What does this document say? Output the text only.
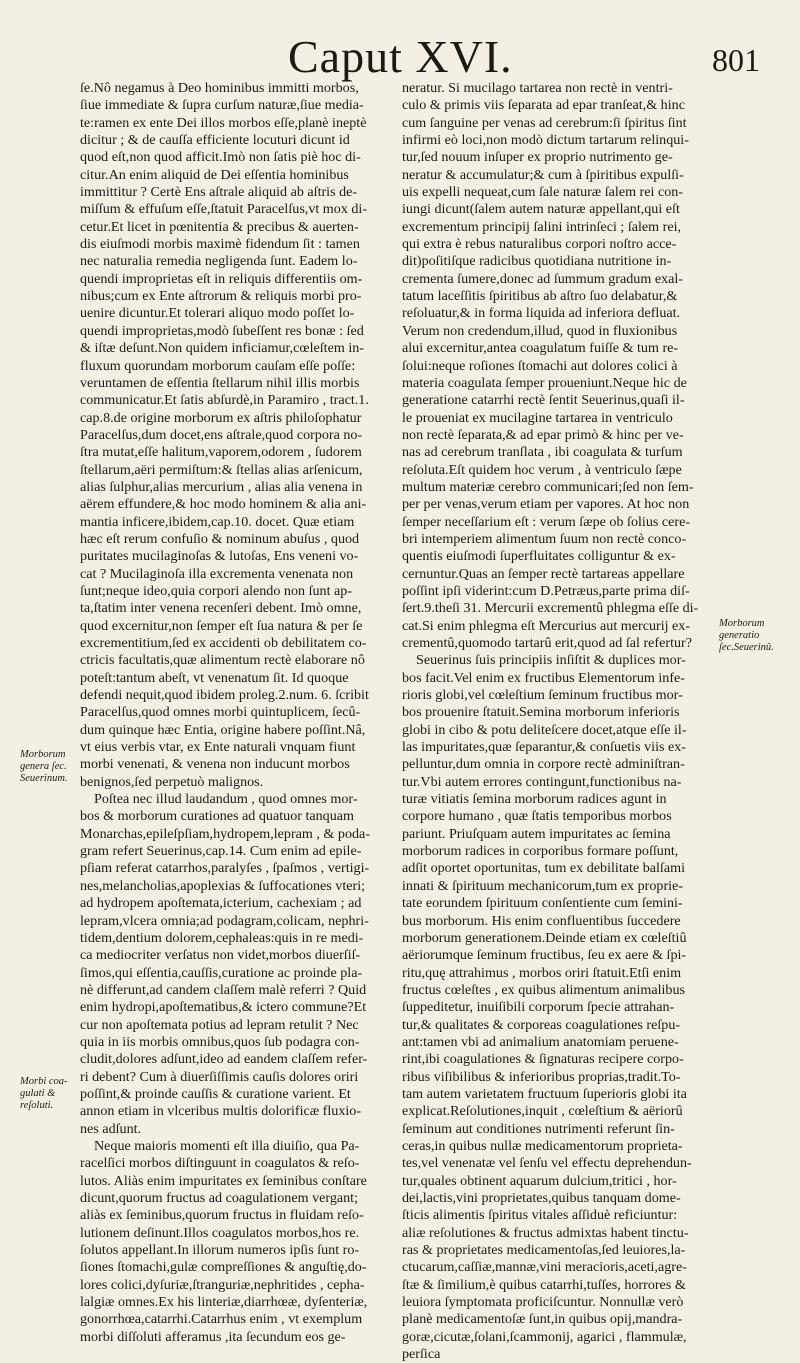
Caput XVI.	801
ſe.Nô negamus à Deo hominibus immitti morbos,
ſiue immediate & ſupra curſum naturæ,ſiue media-
te:ramen ex ente Dei illos morbos eſſe,planè ineptè
dicitur ; & de cauſſa efficiente locuturi dicunt id
quod eſt,non quod afficit.Imò non ſatis piè hoc di-
citur.An enim aliquid de Dei eſſentia hominibus
immittitur ? Certè Ens aſtrale aliquid ab aſtris de-
miſſum & effuſum eſſe,ſtatuit Paracelſus,vt mox di-
cetur.Et licet in pœnitentia & precibus & auerten-
dis eiuſmodi morbis maximè fidendum ſit : tamen
nec naturalia remedia negligenda ſunt. Eadem lo-
quendi improprietas eſt in reliquis differentiis om-
nibus;cum ex Ente aſtrorum & reliquis morbi pro-
uenire dicuntur.Et tolerari aliquo modo poſſet lo-
quendi improprietas,modò ſubeſſent res bonæ : ſed
& iſtæ deſunt.Non quidem inficiamur,cœleſtem in-
fluxum quorundam morborum cauſam eſſe poſſe:
veruntamen de eſſentia ſtellarum nihil illis morbis
communicatur.Et ſatis abſurdè,in Paramiro , tract.1.
cap.8.de origine morborum ex aſtris philoſophatur
Paracelſus,dum docet,ens aſtrale,quod corpora no-
ſtra mutat,eſſe halitum,vaporem,odorem , ſudorem
ſtellarum,aëri permiſtum:& ſtellas alias arſenicum,
alias ſulphur,alias mercurium , alias alia venena in
aërem effundere,& hoc modo hominem & alia ani-
mantia inficere,ibidem,cap.10. docet. Quæ etiam
hæc eſt rerum confuſio & nominum abuſus , quod
puritates mucilaginoſas & lutoſas, Ens veneni vo-
cat ? Mucilaginoſa illa excrementa venenata non
ſunt;neque ideo,quia corpori alendo non ſunt ap-
ta,ſtatim inter venena recenſeri debent. Imò omne,
quod excernitur,non ſemper eſt ſua natura & per ſe
excrementitium,ſed ex accidenti ob debilitatem co-
ctricis facultatis,quæ alimentum rectè elaborare nô
poteſt:tantum abeſt, vt venenatum ſit. Id quoque
defendi nequit,quod ibidem proleg.2.num. 6. ſcribit
Paracelſus,quod omnes morbi quintuplicem, ſecû-
dum quinque hæc Entia, origine habere poſſint.Nâ,
vt eius verbis vtar, ex Ente naturali vnquam fiunt
morbi venenati, & venena non inducunt morbos
benignos,ſed perpetuò malignos.
Poſtea nec illud laudandum , quod omnes mor-
bos & morborum curationes ad quatuor tanquam
Monarchas,epileſpſiam,hydropem,lepram , & poda-
gram refert Seuerinus,cap.14. Cum enim ad epile-
pſiam referat catarrhos,paralyſes , ſpaſmos , vertigi-
nes,melancholias,apoplexias & ſuffocationes vteri;
ad hydropem apoſtemata,icterium, cachexiam ; ad
lepram,vlcera omnia;ad podagram,colicam, nephri-
tidem,dentium dolorem,cephaleas:quis in re medi-
ca mediocriter verſatus non videt,morbos diuerſiſ-
ſimos,qui eſſentia,cauſſis,curatione ac proinde pla-
nè differunt,ad candem claſſem malè referri ? Quid
enim hydropi,apoſtematibus,& ictero commune?Et
cur non apoſtemata potius ad lepram retulit ? Nec
quia in iis morbis omnibus,quos ſub podagra con-
cludit,dolores adſunt,ideo ad eandem claſſem refer-
ri debent? Cum à diuerſiſſimis cauſis dolores oriri
poſſint,& proinde cauſſis & curatione varient. Et
annon etiam in vlceribus multis dolorificæ fluxio-
nes adſunt.
Neque maioris momenti eſt illa diuiſio, qua Pa-
racelſici morbos diſtinguunt in coagulatos & reſo-
lutos. Aliàs enim impuritates ex ſeminibus conſtare
dicunt,quorum fructus ad coagulationem vergant;
aliàs ex ſeminibus,quorum fructus in fluidam reſo-
lutionem deſinunt.Illos coagulatos morbos,hos re.
ſolutos appellant.In illorum numeros ipſis ſunt ro-
ſiones ſtomachi,gulæ compreſſiones & anguſtię,do-
lores colici,dyſuriæ,ſtranguriæ,nephritides , cepha-
lalgiæ omnes.Ex his linteriæ,diarrhœæ, dyſenteriæ,
gonorrhœa,catarrhi.Catarrhus enim , vt exemplum
morbi diſſoluti afferamus ,ita ſecundum eos ge-
neratur. Si mucilago tartarea non rectè in ventri-
culo & primis viis ſeparata ad epar tranſeat,& hinc
cum ſanguine per venas ad cerebrum:ſi ſpiritus ſint
infirmi eò loci,non modò dictum tartarum relinqui-
tur,ſed nouum inſuper ex proprio nutrimento ge-
neratur & accumulatur;& cum à ſpiritibus expulſi-
uis expelli nequeat,cum ſale naturæ ſalem rei con-
iungi dicunt(ſalem autem naturæ appellant,qui eſt
excrementum principij ſalini intrinſeci ; ſalem rei,
qui extra è rebus naturalibus corpori noſtro acce-
dit)poſitiſque radicibus quotidiana nutritione in-
crementa ſumere,donec ad ſummum gradum exal-
tatum laceſſitis ſpiritibus ab aſtro ſuo delabatur,&
reſoluatur,& in forma liquida ad inferiora defluat.
Verum non credendum,illud, quod in fluxionibus
alui excernitur,antea coagulatum fuiſſe & tum re-
ſolui:neque roſiones ſtomachi aut dolores colici à
materia coagulata ſemper proueniunt.Neque hic de
generatione catarrhi rectè ſentit Seuerinus,quaſi il-
le proueniat ex mucilagine tartarea in ventriculo
non rectè ſeparata,& ad epar primò & hinc per ve-
nas ad cerebrum tranſlata , ibi coagulata & turſum
reſoluta.Eſt quidem hoc verum , à ventriculo ſæpe
multum materiæ cerebro communicari;ſed non ſem-
per per venas,verum etiam per vapores. At hoc non
ſemper neceſſarium eſt : verum ſæpe ob ſolius cere-
bri intemperiem alimentum ſuum non rectè conco-
quentis eiuſmodi ſuperfluitates colliguntur & ex-
cernuntur.Quas an ſemper rectè tartareas appellare
poſſint ipſi viderint:cum D.Petræus,parte prima diſ-
ſert.9.theſi 31. Mercurii excrementû phlegma eſſe di-
cat.Si enim phlegma eſt Mercurius aut mercurij ex-
crementû,quomodo tartarû erit,quod ad ſal refertur?
Seuerinus ſuis principiis inſiſtit & duplices mor-
bos facit.Vel enim ex fructibus Elementorum infe-
rioris globi,vel cœleſtium ſeminum fructibus mor-
bos prouenire ſtatuit.Semina morborum inferioris
globi in cibo & potu deliteſcere docet,atque eſſe il-
las impuritates,quæ ſeparantur,& conſuetis viis ex-
pelluntur,dum omnia in corpore rectè adminiſtran-
tur.Vbi autem errores contingunt,functionibus na-
turæ vitiatis ſemina morborum radices agunt in
corpore humano , quæ ſtatis temporibus morbos
pariunt. Priuſquam autem impuritates ac ſemina
morborum radices in corporibus formare poſſunt,
adſit oportet oportunitas, tum ex debilitate balſami
innati & ſpirituum mechanicorum,tum ex proprie-
tate eorundem ſpirituum conſentiente cum ſemini-
bus morborum. His enim confluentibus ſuccedere
morborum generationem.Deinde etiam ex cœleſtiû
aëriorumque ſeminum fructibus, ſeu ex aere & ſpi-
ritu,quę attrahimus , morbos oriri ſtatuit.Etſi enim
fructus cœleſtes , ex quibus alimentum animalibus
ſuppeditetur, inuiſibili corporum ſpecie attrahan-
tur,& qualitates & corporeas coagulationes reſpu-
ant:tamen vbi ad animalium anatomiam peruene-
rint,ibi coagulationes & ſignaturas recipere corpo-
ribus viſibilibus & inferioribus proprias,tradit.To-
tam autem varietatem fructuum ſuperioris globi ita
explicat.Reſolutiones,inquit , cœleſtium & aëriorû
ſeminum aut conditiones nutrimenti referunt ſin-
ceras,in quibus nullæ medicamentorum proprieta-
tes,vel venenatæ vel ſenſu vel effectu deprehendun-
tur,quales obtinent aquarum dulcium,tritici , hor-
dei,lactis,vini proprietates,quibus tanquam dome-
ſticis alimentis ſpiritus vitales aſſiduè reficiuntur:
aliæ reſolutiones & fructus admixtas habent tinctu-
ras & proprietates medicamentoſas,ſed leuiores,la-
ctucarum,caſſiæ,mannæ,vini meracioris,aceti,agre-
ſtæ & ſimilium,è quibus catarrhi,tuſſes, horrores &
leuiora ſymptomata proficiſcuntur. Nonnullæ verò
planè medicamentoſæ ſunt,in quibus opij,mandra-
goræ,cicutæ,ſolani,ſcammonij, agarici , flammulæ,
perſica
Morborum
generatio
ſec.Seuerinû.
Morborum
genera ſec.
Seuerinum.
Morbi coa-
gulati &
reſoluti.
